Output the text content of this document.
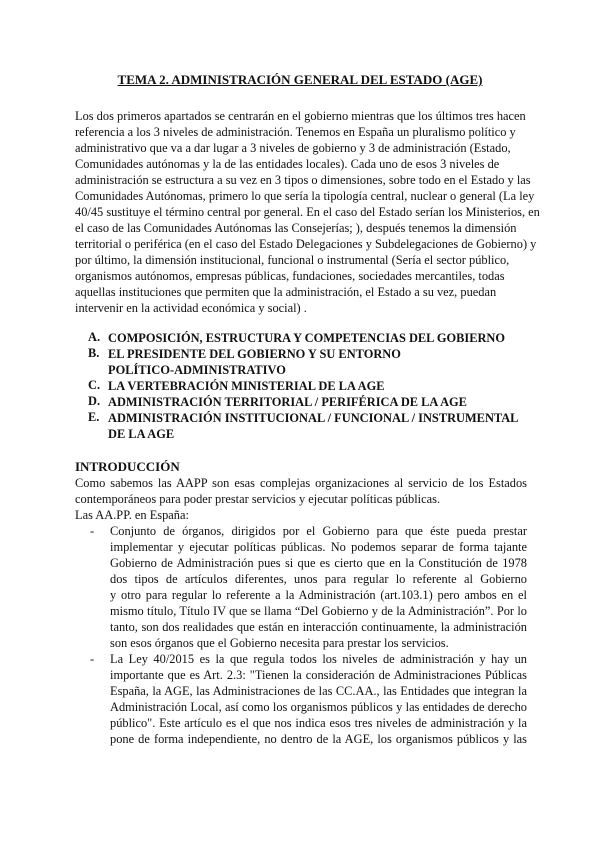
TEMA 2. ADMINISTRACIÓN GENERAL DEL ESTADO (AGE)
Los dos primeros apartados se centrarán en el gobierno mientras que los últimos tres hacen
referencia a los 3 niveles de administración. Tenemos en España un pluralismo político y
administrativo que va a dar lugar a 3 niveles de gobierno y 3 de administración (Estado,
Comunidades autónomas y la de las entidades locales). Cada uno de esos 3 niveles de
administración se estructura a su vez en 3 tipos o dimensiones, sobre todo en el Estado y las
Comunidades Autónomas, primero lo que sería la tipología central, nuclear o general (La ley
40/45 sustituye el término central por general. En el caso del Estado serían los Ministerios, en
el caso de las Comunidades Autónomas las Consejerías; ), después tenemos la dimensión
territorial o periférica (en el caso del Estado Delegaciones y Subdelegaciones de Gobierno) y
por último, la dimensión institucional, funcional o instrumental (Sería el sector público,
organismos autónomos, empresas públicas, fundaciones, sociedades mercantiles, todas
aquellas instituciones que permiten que la administración, el Estado a su vez, puedan
intervenir en la actividad económica y social) .
A. COMPOSICIÓN, ESTRUCTURA Y COMPETENCIAS DEL GOBIERNO
B. EL PRESIDENTE DEL GOBIERNO Y SU ENTORNO
POLÍTICO-ADMINISTRATIVO
C. LA VERTEBRACIÓN MINISTERIAL DE LA AGE
D. ADMINISTRACIÓN TERRITORIAL / PERIFÉRICA DE LA AGE
E. ADMINISTRACIÓN INSTITUCIONAL / FUNCIONAL / INSTRUMENTAL
DE LA AGE
INTRODUCCIÓN
Como sabemos las AAPP son esas complejas organizaciones al servicio de los Estados
contemporáneos para poder prestar servicios y ejecutar políticas públicas.
Las AA.PP. en España:
-	Conjunto de órganos, dirigidos por el Gobierno para que éste pueda prestar
implementar y ejecutar políticas públicas. No podemos separar de forma tajante
Gobierno de Administración pues si que es cierto que en la Constitución de 1978
dos tipos de artículos diferentes, unos para regular lo referente al Gobierno
y otro para regular lo referente a la Administración (art.103.1) pero ambos en el
mismo título, Título IV que se llama “Del Gobierno y de la Administración”. Por lo
tanto, son dos realidades que están en interacción continuamente, la administración
son esos órganos que el Gobierno necesita para prestar los servicios.
-	La Ley 40/2015 es la que regula todos los niveles de administración y hay un
importante que es Art. 2.3: "Tienen la consideración de Administraciones Públicas
España, la AGE, las Administraciones de las CC.AA., las Entidades que integran la
Administración Local, así como los organismos públicos y las entidades de derecho
público". Este artículo es el que nos indica esos tres niveles de administración y la
pone de forma independiente, no dentro de la AGE, los organismos públicos y las
